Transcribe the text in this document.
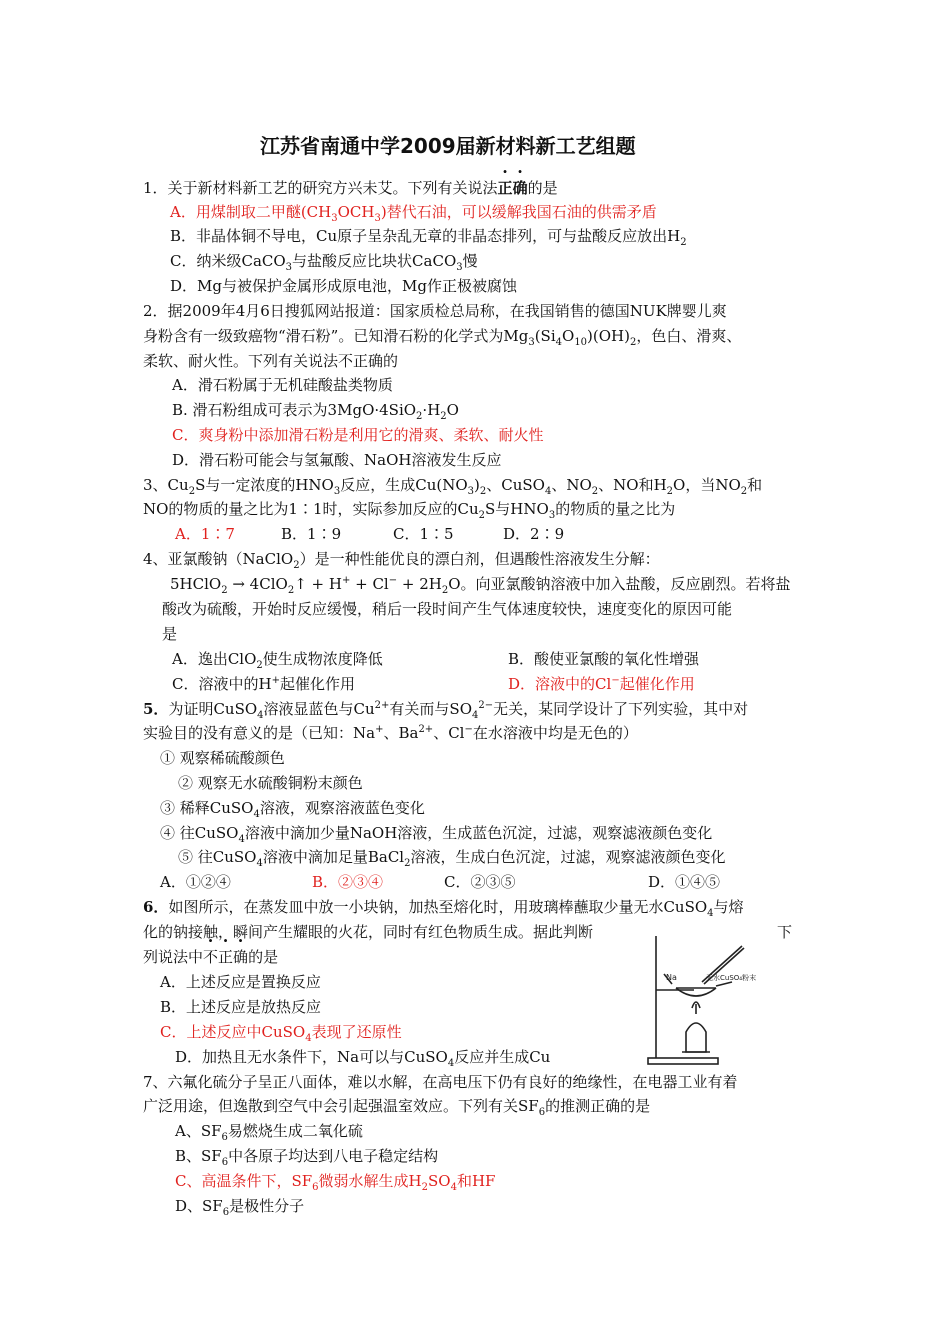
江苏省南通中学2009届新材料新工艺组题
1．关于新材料新工艺的研究方兴未艾。下列有关说法正确的是
A．用煤制取二甲醚$(CH_3OCH_3)$替代石油，可以缓解我国石油的供需矛盾
B．非晶体铜不导电，Cu原子呈杂乱无章的非晶态排列，可与盐酸反应放出$H_2$
C．纳米级CaCO$_3$与盐酸反应比块状CaCO$_3$慢
D．Mg与被保护金属形成原电池，Mg作正极被腐蚀
2．据2009年4月6日搜狐网站报道：国家质检总局称，在我国销售的德国NUK牌婴儿爽
身粉含有一级致癌物“滑石粉”。已知滑石粉的化学式为$Mg_3(Si_4O_{10})(OH)_2$，色白、滑爽、
柔软、耐火性。下列有关说法不正确的
A．滑石粉属于无机硅酸盐类物质
B. 滑石粉组成可表示为$3MgO\cdot 4SiO_2\cdot H_2O$
C．爽身粉中添加滑石粉是利用它的滑爽、柔软、耐火性
D．滑石粉可能会与氢氟酸、NaOH溶液发生反应
3、$Cu_2S$与一定浓度的$HNO_3$反应，生成$Cu(NO_3)_2$、CuSO$_4$、$NO_2$、NO和$H_2O$，当$NO_2$和
NO的物质的量之比为1∶1时，实际参加反应的$Cu_2S$与$HNO_3$的物质的量之比为
A．1∶7	B．1∶9	C．1∶5	D．2∶9
4、亚氯酸钠（NaClO$_2$）是一种性能优良的漂白剂，但遇酸性溶液发生分解：
5HClO$_2$ → 4ClO$_2$↑ + $H^+ + Cl^- + 2H_2O$。向亚氯酸钠溶液中加入盐酸，反应剧烈。若将盐
酸改为硫酸，开始时反应缓慢，稍后一段时间产生气体速度较快，速度变化的原因可能
是
A．逸出ClO$_2$使生成物浓度降低	B．酸使亚氯酸的氧化性增强
C．溶液中的H+起催化作用	D．溶液中的Cl−起催化作用
5．为证明CuSO$_4$溶液显蓝色与$Cu^{2+}$有关而与$SO_4^{2-}$无关，某同学设计了下列实验，其中对
实验目的没有意义的是（已知：Na+、$Ba^{2+}$、Cl−在水溶液中均是无色的）
① 观察稀硫酸颜色
② 观察无水硫酸铜粉末颜色
③ 稀释CuSO$_4$溶液，观察溶液蓝色变化
④ 往CuSO$_4$溶液中滴加少量NaOH溶液，生成蓝色沉淀，过滤，观察滤液颜色变化
⑤ 往CuSO$_4$溶液中滴加足量BaCl$_2$溶液，生成白色沉淀，过滤，观察滤液颜色变化
A．①②④	B．②③④	C．②③⑤	D．①④⑤
6．如图所示，在蒸发皿中放一小块钠，加热至熔化时，用玻璃棒蘸取少量无水CuSO$_4$与熔
化的钠接触，瞬间产生耀眼的火花，同时有红色物质生成。据此判断	下
列说法中不正确的是
A．上述反应是置换反应
B．上述反应是放热反应
C．上述反应中CuSO$_4$表现了还原性
D．加热且无水条件下，Na可以与CuSO$_4$反应并生成Cu
Na	无水CuSO₄粉末
7、六氟化硫分子呈正八面体，难以水解，在高电压下仍有良好的绝缘性，在电器工业有着
广泛用途，但逸散到空气中会引起强温室效应。下列有关$SF_6$的推测正确的是
A、$SF_6$易燃烧生成二氧化硫
B、$SF_6$中各原子均达到八电子稳定结构
C、高温条件下，$SF_6$微弱水解生成$H_2SO_4$和HF
D、$SF_6$是极性分子
